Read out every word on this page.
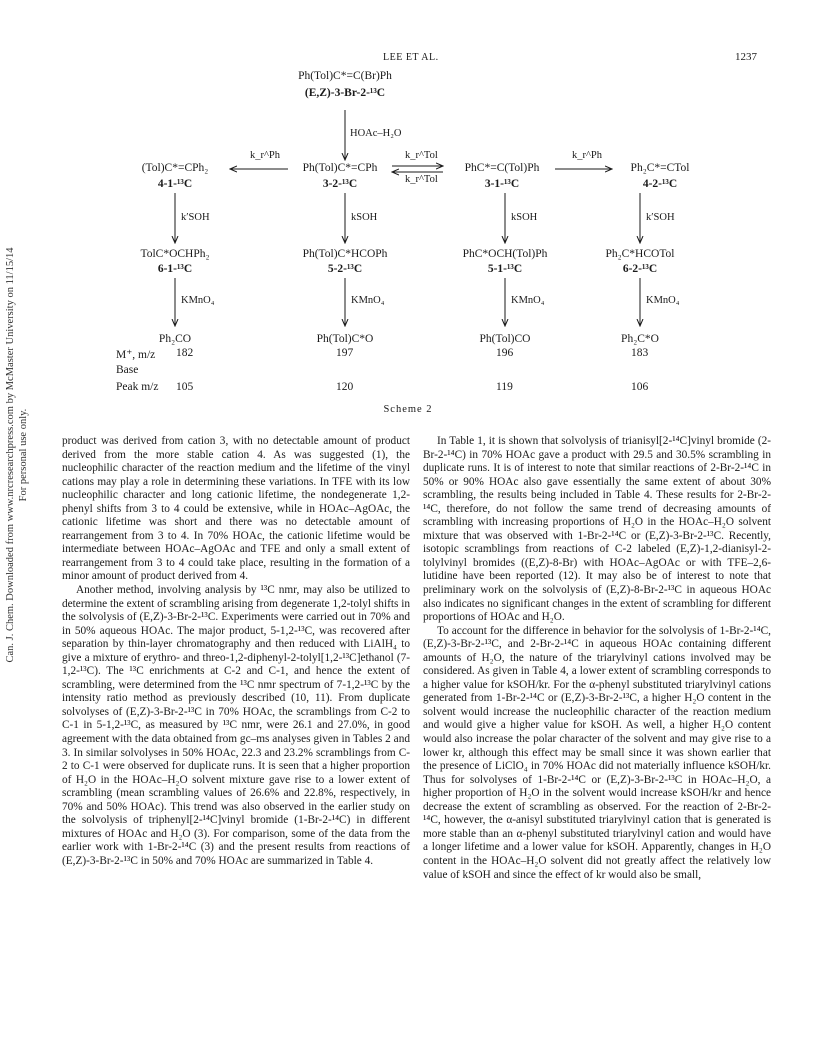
LEE ET AL.	1237
Can. J. Chem. Downloaded from www.nrcresearchpress.com by McMaster University on 11/15/14 For personal use only.
Ph(Tol)C*=C(Br)Ph
(E,Z)-3-Br-2-¹³C
HOAc–H₂O
(Tol)C*=CPh₂
4-1-¹³C
Ph(Tol)C*=CPh
3-2-¹³C
PhC*=C(Tol)Ph
3-1-¹³C
Ph₂C*=CTol
4-2-¹³C
k_r^Ph	k_r^Tol
k_r^Tol
k_r^Ph
k′SOH	kSOH	kSOH	k′SOH
TolC*OCHPh₂
6-1-¹³C
Ph(Tol)C*HCOPh
5-2-¹³C
PhC*OCH(Tol)Ph
5-1-¹³C
Ph₂C*HCOTol
6-2-¹³C
KMnO₄	KMnO₄	KMnO₄	KMnO₄
Ph₂CO	Ph(Tol)C*O	Ph(Tol)CO	Ph₂C*O
M⁺, m/z 182	197	196	183
Base
Peak m/z 105	120	119	106
Scheme 2

product was derived from cation 3, with no detectable amount of product derived from the more stable cation 4. As was suggested (1), the nucleophilic character of the reaction medium and the lifetime of the vinyl cations may play a role in determining these variations. In TFE with its low nucleophilic character and long cationic lifetime, the nondegenerate 1,2-phenyl shifts from 3 to 4 could be extensive, while in HOAc–AgOAc, the cationic lifetime was short and there was no detectable amount of rearrangement from 3 to 4. In 70% HOAc, the cationic lifetime would be intermediate between HOAc–AgOAc and TFE and only a small extent of rearrangement from 3 to 4 could take place, resulting in the formation of a minor amount of product derived from 4.

Another method, involving analysis by ¹³C nmr, may also be utilized to determine the extent of scrambling arising from degenerate 1,2-tolyl shifts in the solvolysis of (E,Z)-3-Br-2-¹³C. Experiments were carried out in 70% and in 50% aqueous HOAc. The major product, 5-1,2-¹³C, was recovered after separation by thin-layer chromatography and then reduced with LiAlH₄ to give a mixture of erythro- and threo-1,2-diphenyl-2-tolyl[1,2-¹³C]ethanol (7-1,2-¹³C). The ¹³C enrichments at C-2 and C-1, and hence the extent of scrambling, were determined from the ¹³C nmr spectrum of 7-1,2-¹³C by the intensity ratio method as previously described (10, 11). From duplicate solvolyses of (E,Z)-3-Br-2-¹³C in 70% HOAc, the scramblings from C-2 to C-1 in 5-1,2-¹³C, as measured by ¹³C nmr, were 26.1 and 27.0%, in good agreement with the data obtained from gc–ms analyses given in Tables 2 and 3. In similar solvolyses in 50% HOAc, 22.3 and 23.2% scramblings from C-2 to C-1 were observed for duplicate runs. It is seen that a higher proportion of H₂O in the HOAc–H₂O solvent mixture gave rise to a lower extent of scrambling (mean scrambling values of 26.6% and 22.8%, respectively, in 70% and 50% HOAc). This trend was also observed in the earlier study on the solvolysis of triphenyl[2-¹⁴C]vinyl bromide (1-Br-2-¹⁴C) in different mixtures of HOAc and H₂O (3). For comparison, some of the data from the earlier work with 1-Br-2-¹⁴C (3) and the present results from reactions of (E,Z)-3-Br-2-¹³C in 50% and 70% HOAc are summarized in Table 4.

In Table 1, it is shown that solvolysis of trianisyl[2-¹⁴C]vinyl bromide (2-Br-2-¹⁴C) in 70% HOAc gave a product with 29.5 and 30.5% scrambling in duplicate runs. It is of interest to note that similar reactions of 2-Br-2-¹⁴C in 50% or 90% HOAc also gave essentially the same extent of about 30% scrambling, the results being included in Table 4. These results for 2-Br-2-¹⁴C, therefore, do not follow the same trend of decreasing amounts of scrambling with increasing proportions of H₂O in the HOAc–H₂O solvent mixture that was observed with 1-Br-2-¹⁴C or (E,Z)-3-Br-2-¹³C. Recently, isotopic scramblings from reactions of C-2 labeled (E,Z)-1,2-dianisyl-2-tolylvinyl bromides ((E,Z)-8-Br) with HOAc–AgOAc or with TFE–2,6-lutidine have been reported (12). It may also be of interest to note that preliminary work on the solvolysis of (E,Z)-8-Br-2-¹³C in aqueous HOAc also indicates no significant changes in the extent of scrambling for different proportions of HOAc and H₂O.

To account for the difference in behavior for the solvolysis of 1-Br-2-¹⁴C, (E,Z)-3-Br-2-¹³C, and 2-Br-2-¹⁴C in aqueous HOAc containing different amounts of H₂O, the nature of the triarylvinyl cations involved may be considered. As given in Table 4, a lower extent of scrambling corresponds to a higher value for kSOH/kr. For the α-phenyl substituted triarylvinyl cations generated from 1-Br-2-¹⁴C or (E,Z)-3-Br-2-¹³C, a higher H₂O content in the solvent would increase the nucleophilic character of the reaction medium and would give a higher value for kSOH. As well, a higher H₂O content would also increase the polar character of the solvent and may give rise to a lower kr, although this effect may be small since it was shown earlier that the presence of LiClO₄ in 70% HOAc did not materially influence kSOH/kr. Thus for solvolyses of 1-Br-2-¹⁴C or (E,Z)-3-Br-2-¹³C in HOAc–H₂O, a higher proportion of H₂O in the solvent would increase kSOH/kr and hence decrease the extent of scrambling as observed. For the reaction of 2-Br-2-¹⁴C, however, the α-anisyl substituted triarylvinyl cation that is generated is more stable than an α-phenyl substituted triarylvinyl cation and would have a longer lifetime and a lower value for kSOH. Apparently, changes in H₂O content in the HOAc–H₂O solvent did not greatly affect the relatively low value of kSOH and since the effect of kr would also be small,
